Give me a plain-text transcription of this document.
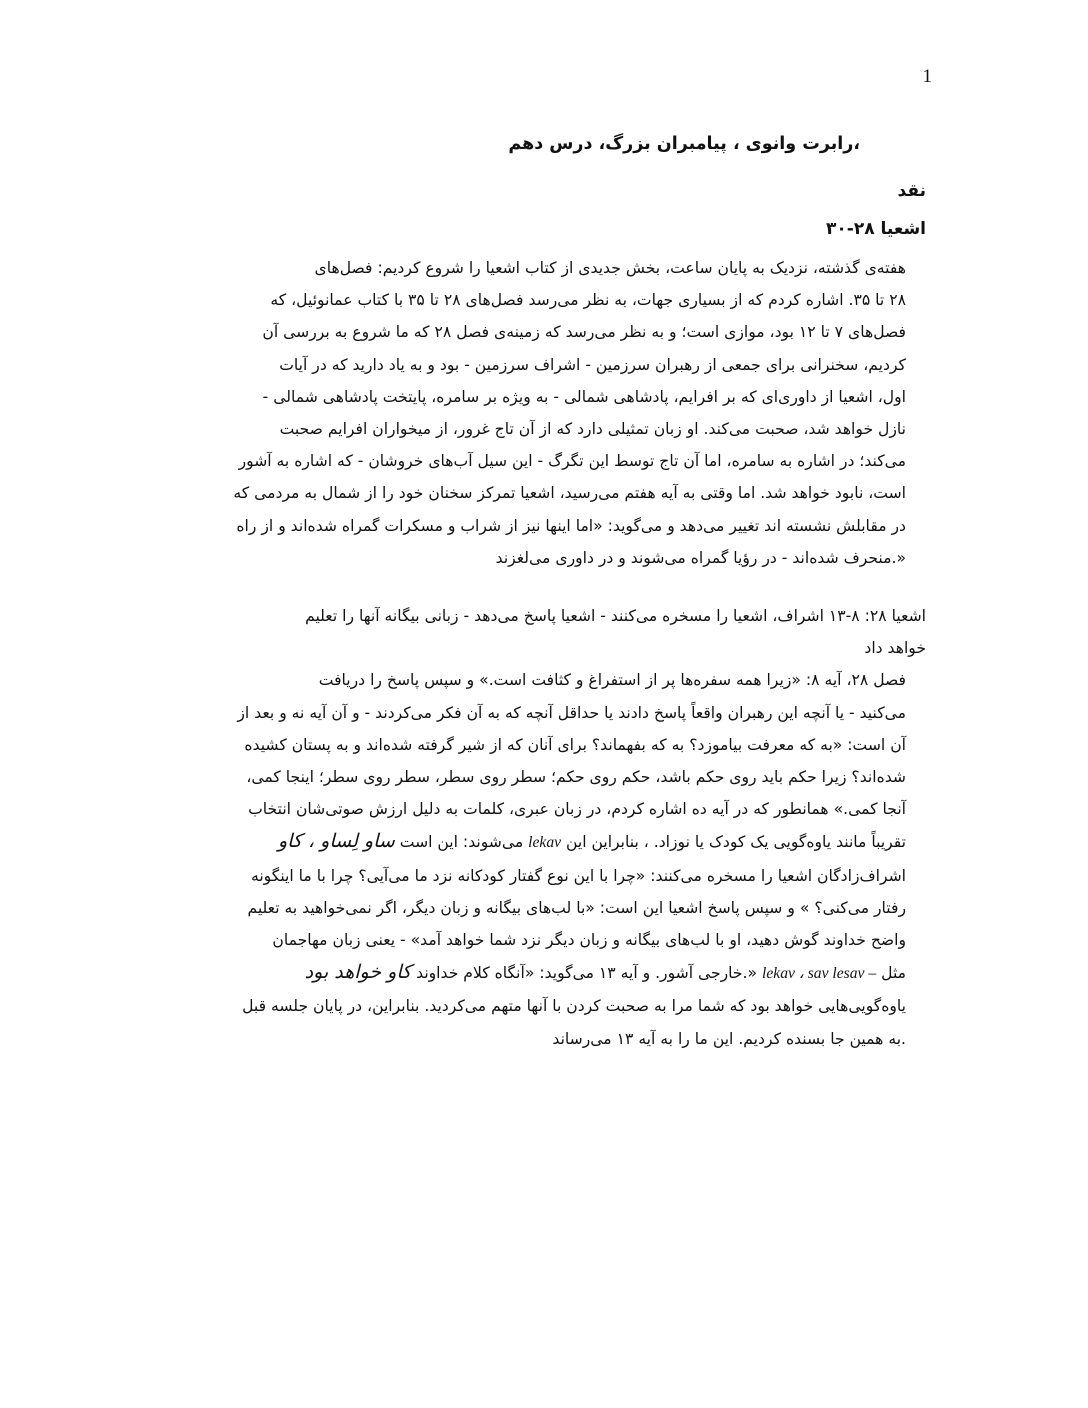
1
،رابرت وانوی ، پیامبران بزرگ، درس دهم
نقد
اشعیا ۲۸-۳۰

هفته‌ی گذشته، نزدیک به پایان ساعت، بخش جدیدی از کتاب اشعیا را شروع کردیم: فصل‌های
۲۸ تا ۳۵. اشاره کردم که از بسیاری جهات، به نظر می‌رسد فصل‌های ۲۸ تا ۳۵ با کتاب عمانوئیل، که
فصل‌های ۷ تا ۱۲ بود، موازی است؛ و به نظر می‌رسد که زمینه‌ی فصل ۲۸ که ما شروع به بررسی آن
کردیم، سخنرانی برای جمعی از رهبران سرزمین - اشراف سرزمین - بود و به یاد دارید که در آیات
اول، اشعیا از داوری‌ای که بر افرایم، پادشاهی شمالی - به ویژه بر سامره، پایتخت پادشاهی شمالی -
نازل خواهد شد، صحبت می‌کند. او زبان تمثیلی دارد که از آن تاج غرور، از میخواران افرایم صحبت
می‌کند؛ در اشاره به سامره، اما آن تاج توسط این تگرگ - این سیل آب‌های خروشان - که اشاره به آشور
است، نابود خواهد شد. اما وقتی به آیه هفتم می‌رسید، اشعیا تمرکز سخنان خود را از شمال به مردمی که
در مقابلش نشسته اند تغییر می‌دهد و می‌گوید: «اما اینها نیز از شراب و مسکرات گمراه شده‌اند و از راه
«.منحرف شده‌اند - در رؤیا گمراه می‌شوند و در داوری می‌لغزند

اشعیا ۲۸: ۸-۱۳ اشراف، اشعیا را مسخره می‌کنند - اشعیا پاسخ می‌دهد - زبانی بیگانه آنها را تعلیم
خواهد داد

فصل ۲۸، آیه ۸: «زیرا همه سفره‌ها پر از استفراغ و کثافت است.» و سپس پاسخ را دریافت
می‌کنید - یا آنچه این رهبران واقعاً پاسخ دادند یا حداقل آنچه که به آن فکر می‌کردند - و آن آیه نه و بعد از
آن است: «به که معرفت بیاموزد؟ به که بفهماند؟ برای آنان که از شیر گرفته شده‌اند و به پستان کشیده
شده‌اند؟ زیرا حکم باید روی حکم باشد، حکم روی حکم؛ سطر روی سطر، سطر روی سطر؛ اینجا کمی،
آنجا کمی.» همانطور که در آیه ده اشاره کردم، در زبان عبری، کلمات به دلیل ارزش صوتی‌شان انتخاب
تقریباً مانند یاوه‌گویی یک کودک یا نوزاد. ، بنابراین این lekav می‌شوند: این است ساو لِساو ، کاو
اشراف‌زادگان اشعیا را مسخره می‌کنند: «چرا با این نوع گفتار کودکانه نزد ما می‌آیی؟ چرا با ما اینگونه
رفتار می‌کنی؟ » و سپس پاسخ اشعیا این است: «با لب‌های بیگانه و زبان دیگر، اگر نمی‌خواهید به تعلیم
واضح خداوند گوش دهید، او با لب‌های بیگانه و زبان دیگر نزد شما خواهد آمد» - یعنی زبان مهاجمان
مثل lekav ، sav lesav – «.خارجی آشور. و آیه ۱۳ می‌گوید: «آنگاه کلام خداوند کاو خواهد بود
یاوه‌گویی‌هایی خواهد بود که شما مرا به صحبت کردن با آنها متهم می‌کردید. بنابراین، در پایان جلسه قبل
.به همین جا بسنده کردیم. این ما را به آیه ۱۳ می‌رساند
